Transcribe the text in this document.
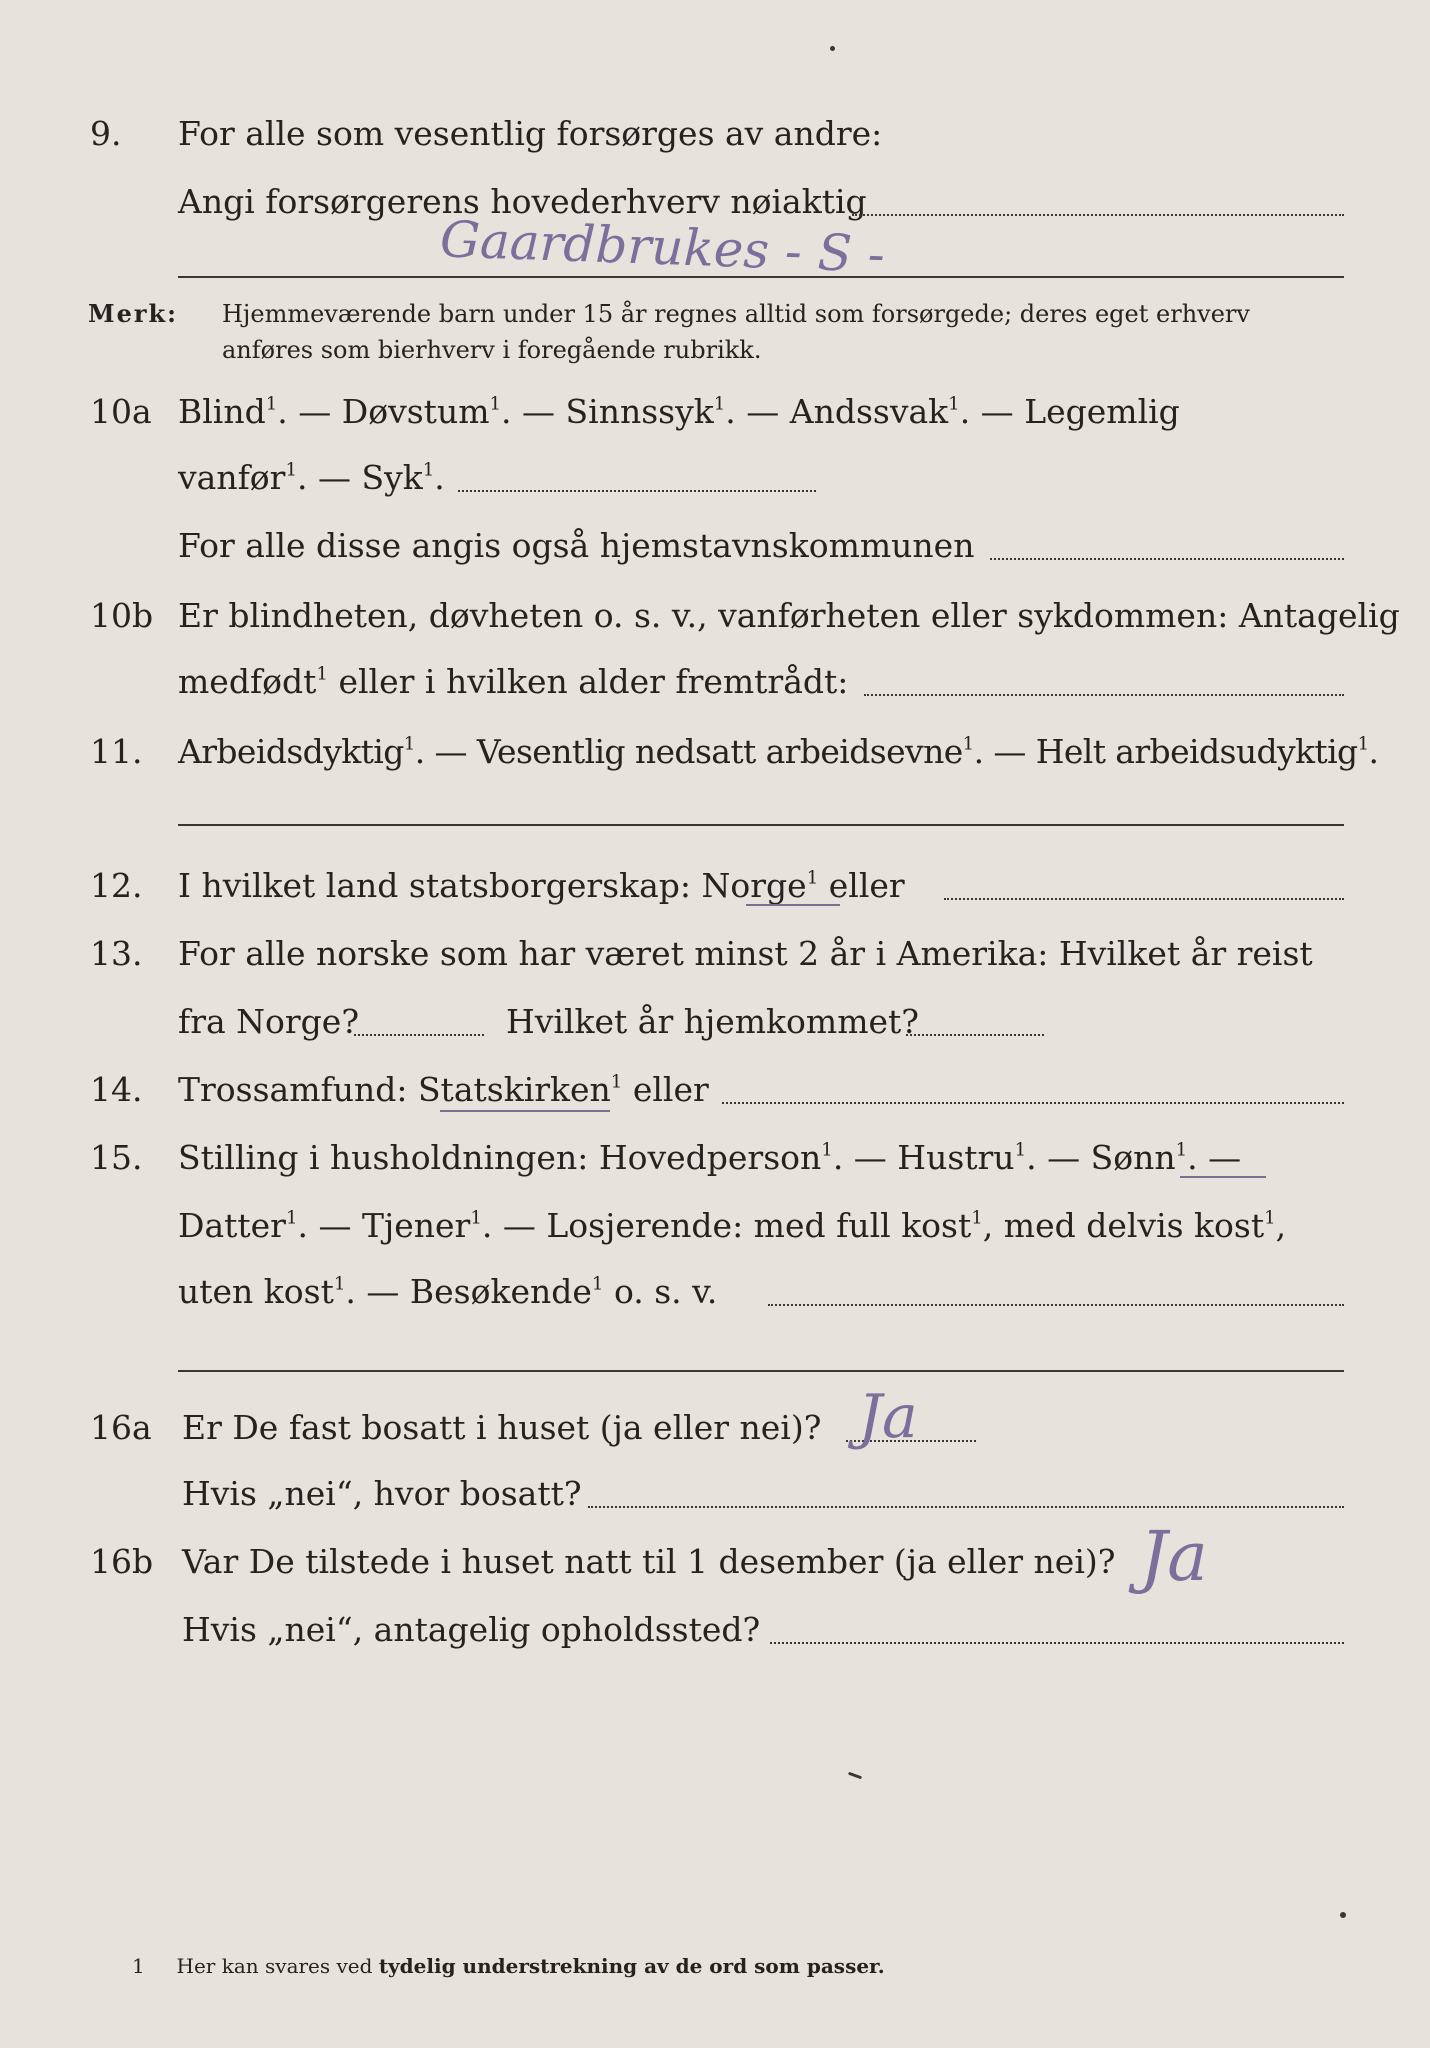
9. For alle som vesentlig forsørges av andre:
Angi forsørgerens hovederhverv nøiaktig
Gaardbrukes - S -
Merk: Hjemmeværende barn under 15 år regnes alltid som forsørgede; deres eget erhverv
anføres som bierhverv i foregående rubrikk.
10a Blind$^1$. — Døvstum$^1$. — Sinnssyk$^1$. — Andssvak$^1$. — Legemlig
vanfør$^1$. — Syk$^1$.
For alle disse angis også hjemstavnskommunen
10b Er blindheten, døvheten o. s. v., vanførheten eller sykdommen: Antagelig
medfødt$^1$ eller i hvilken alder fremtrådt:
11. Arbeidsdyktig$^1$. — Vesentlig nedsatt arbeidsevne$^1$. — Helt arbeidsudyktig$^1$.
12. I hvilket land statsborgerskap: Norge$^1$ eller
13. For alle norske som har været minst 2 år i Amerika: Hvilket år reist
fra Norge?	Hvilket år hjemkommet?
14. Trossamfund: Statskirken$^1$ eller
15. Stilling i husholdningen: Hovedperson$^1$. — Hustru$^1$. — Sønn$^1$. —
Datter$^1$. — Tjener$^1$. — Losjerende: med full kost$^1$, med delvis kost$^1$,
uten kost$^1$. — Besøkende$^1$ o. s. v.
16a Er De fast bosatt i huset (ja eller nei)? Ja
Hvis „nei“, hvor bosatt?
16b Var De tilstede i huset natt til 1 desember (ja eller nei)? Ja
Hvis „nei“, antagelig opholdssted?
1 Her kan svares ved tydelig understrekning av de ord som passer.
